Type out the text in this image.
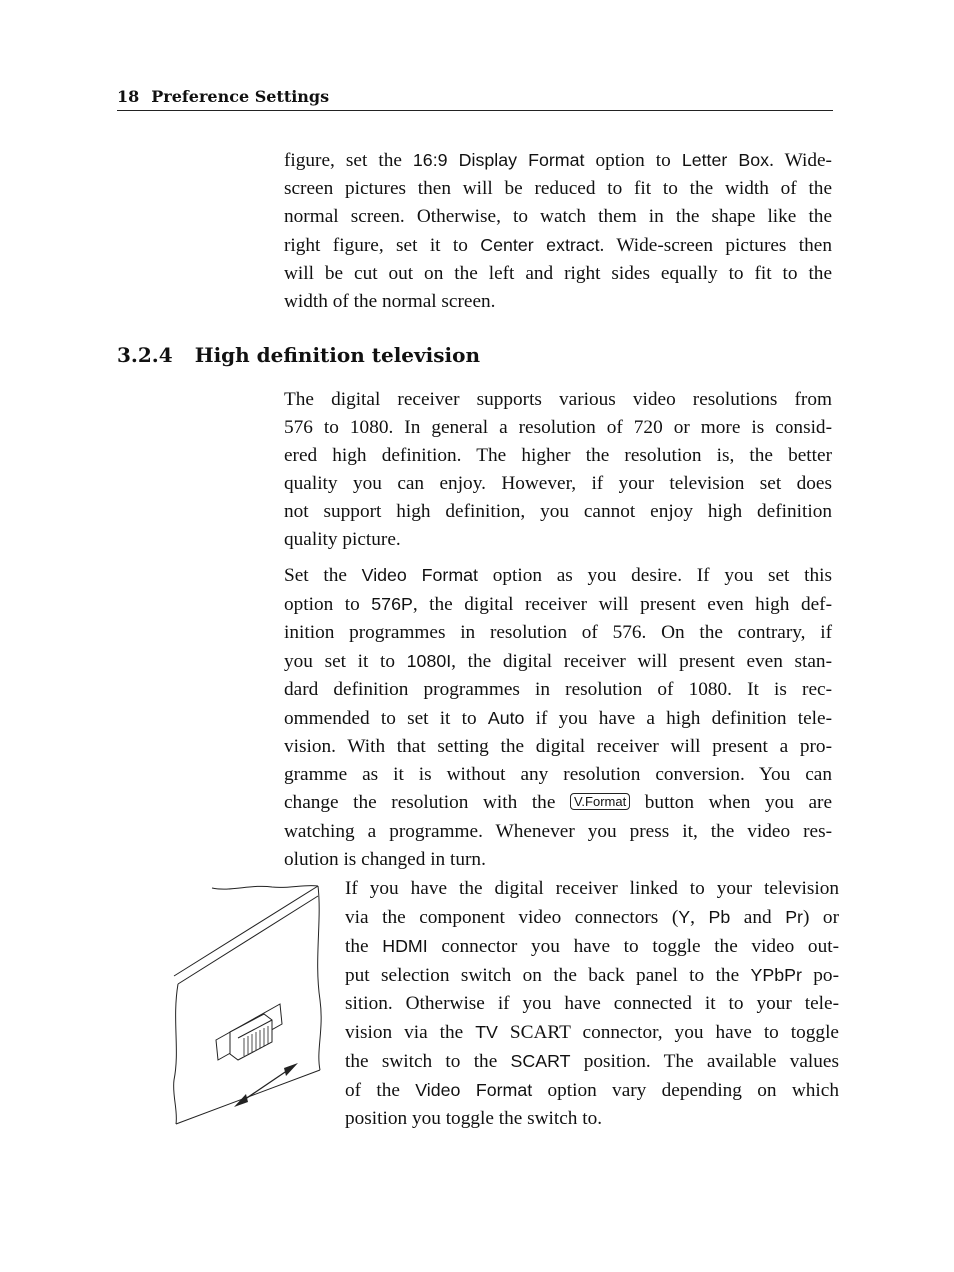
18 Preference Settings
figure, set the 16:9 Display Format option to Letter Box. Wide-
screen pictures then will be reduced to fit to the width of the
normal screen. Otherwise, to watch them in the shape like the
right figure, set it to Center extract. Wide-screen pictures then
will be cut out on the left and right sides equally to fit to the
width of the normal screen.
3.2.4 High definition television
The digital receiver supports various video resolutions from
576 to 1080. In general a resolution of 720 or more is consid-
ered high definition. The higher the resolution is, the better
quality you can enjoy. However, if your television set does
not support high definition, you cannot enjoy high definition
quality picture.
Set the Video Format option as you desire. If you set this
option to 576P, the digital receiver will present even high def-
inition programmes in resolution of 576. On the contrary, if
you set it to 1080I, the digital receiver will present even stan-
dard definition programmes in resolution of 1080. It is rec-
ommended to set it to Auto if you have a high definition tele-
vision. With that setting the digital receiver will present a pro-
gramme as it is without any resolution conversion. You can
change the resolution with the V.Format button when you are
watching a programme. Whenever you press it, the video res-
olution is changed in turn.
If you have the digital receiver linked to your television
via the component video connectors (Y, Pb and Pr) or
the HDMI connector you have to toggle the video out-
put selection switch on the back panel to the YPbPr po-
sition. Otherwise if you have connected it to your tele-
vision via the TV SCART connector, you have to toggle
the switch to the SCART position. The available values
of the Video Format option vary depending on which
position you toggle the switch to.
